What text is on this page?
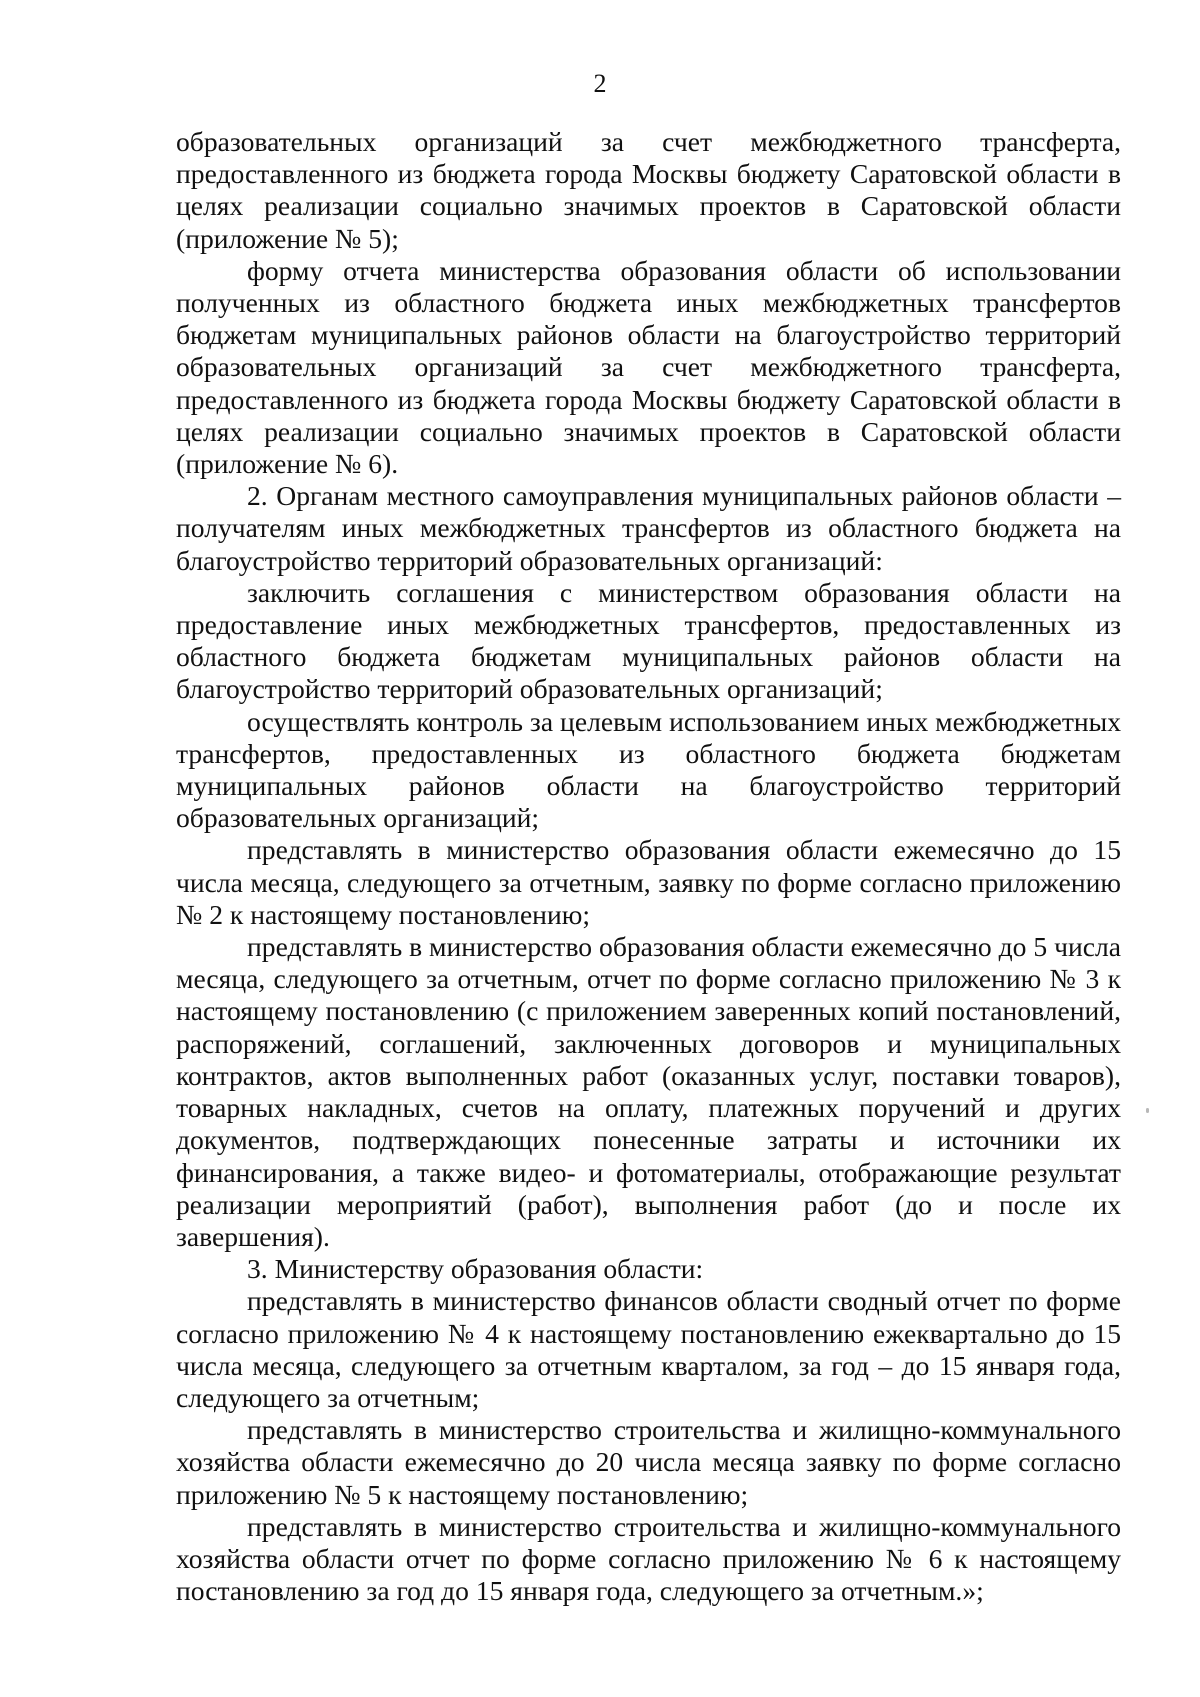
2

образовательных организаций за счет межбюджетного трансферта, предоставленного из бюджета города Москвы бюджету Саратовской области в целях реализации социально значимых проектов в Саратовской области (приложение № 5);

форму отчета министерства образования области об использовании полученных из областного бюджета иных межбюджетных трансфертов бюджетам муниципальных районов области на благоустройство территорий образовательных организаций за счет межбюджетного трансферта, предоставленного из бюджета города Москвы бюджету Саратовской области в целях реализации социально значимых проектов в Саратовской области (приложение № 6).

2. Органам местного самоуправления муниципальных районов области – получателям иных межбюджетных трансфертов из областного бюджета на благоустройство территорий образовательных организаций:

заключить соглашения с министерством образования области на предоставление иных межбюджетных трансфертов, предоставленных из областного бюджета бюджетам муниципальных районов области на благоустройство территорий образовательных организаций;

осуществлять контроль за целевым использованием иных межбюджетных трансфертов, предоставленных из областного бюджета бюджетам муниципальных районов области на благоустройство территорий образовательных организаций;

представлять в министерство образования области ежемесячно до 15 числа месяца, следующего за отчетным, заявку по форме согласно приложению № 2 к настоящему постановлению;

представлять в министерство образования области ежемесячно до 5 числа месяца, следующего за отчетным, отчет по форме согласно приложению № 3 к настоящему постановлению (с приложением заверенных копий постановлений, распоряжений, соглашений, заключенных договоров и муниципальных контрактов, актов выполненных работ (оказанных услуг, поставки товаров), товарных накладных, счетов на оплату, платежных поручений и других документов, подтверждающих понесенные затраты и источники их финансирования, а также видео- и фотоматериалы, отображающие результат реализации мероприятий (работ), выполнения работ (до и после их завершения).

3. Министерству образования области:

представлять в министерство финансов области сводный отчет по форме согласно приложению № 4 к настоящему постановлению ежеквартально до 15 числа месяца, следующего за отчетным кварталом, за год – до 15 января года, следующего за отчетным;

представлять в министерство строительства и жилищно-коммунального хозяйства области ежемесячно до 20 числа месяца заявку по форме согласно приложению № 5 к настоящему постановлению;

представлять в министерство строительства и жилищно-коммунального хозяйства области отчет по форме согласно приложению № 6 к настоящему постановлению за год до 15 января года, следующего за отчетным.»;
